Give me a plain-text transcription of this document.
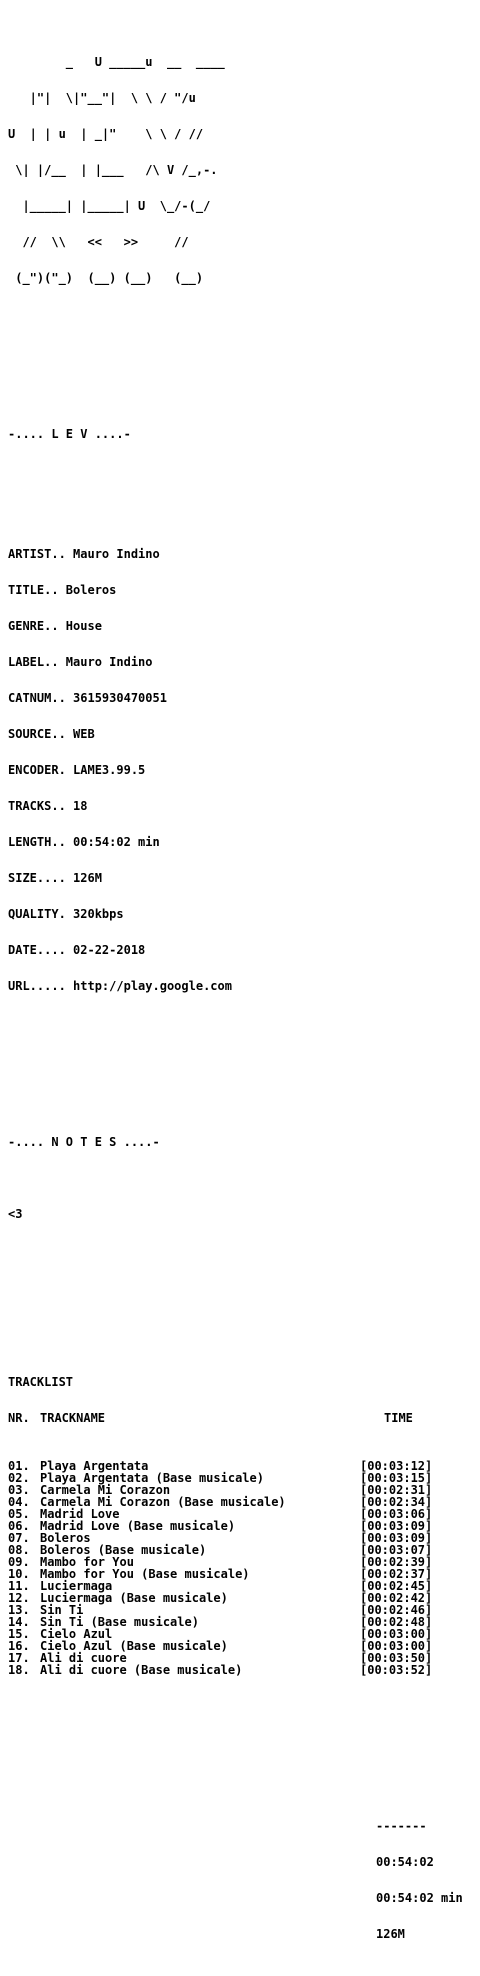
_   U _____u  __  ____

|"|  \|"__"|  \ \ / "/u

U  | | u  | _|"    \ \ / //

\| |/__  | |___   /\ V /_,-.

|_____| |_____| U  \_/-(_/

//  \\   <<   >>     //

(_")("_)  (__) (__)   (__)

-.... L E V ....-

ARTIST.. Mauro Indino

TITLE.. Boleros

GENRE.. House

LABEL.. Mauro Indino

CATNUM.. 3615930470051

SOURCE.. WEB

ENCODER. LAME3.99.5

TRACKS.. 18

LENGTH.. 00:54:02 min

SIZE.... 126M

QUALITY. 320kbps

DATE.... 02-22-2018

URL..... http://play.google.com

-.... N O T E S ....-

<3

TRACKLIST

NR. TRACKNAME	TIME

01. Playa Argentata	[00:03:12]
02. Playa Argentata (Base musicale)	[00:03:15]
03. Carmela Mi Corazon	[00:02:31]
04. Carmela Mi Corazon (Base musicale)	[00:02:34]
05. Madrid Love	[00:03:06]
06. Madrid Love (Base musicale)	[00:03:09]
07. Boleros	[00:03:09]
08. Boleros (Base musicale)	[00:03:07]
09. Mambo for You	[00:02:39]
10. Mambo for You (Base musicale)	[00:02:37]
11. Luciermaga	[00:02:45]
12. Luciermaga (Base musicale)	[00:02:42]
13. Sin Ti	[00:02:46]
14. Sin Ti (Base musicale)	[00:02:48]
15. Cielo Azul	[00:03:00]
16. Cielo Azul (Base musicale)	[00:03:00]
17. Ali di cuore	[00:03:50]
18. Ali di cuore (Base musicale)	[00:03:52]

-------

00:54:02

00:54:02 min

126M
